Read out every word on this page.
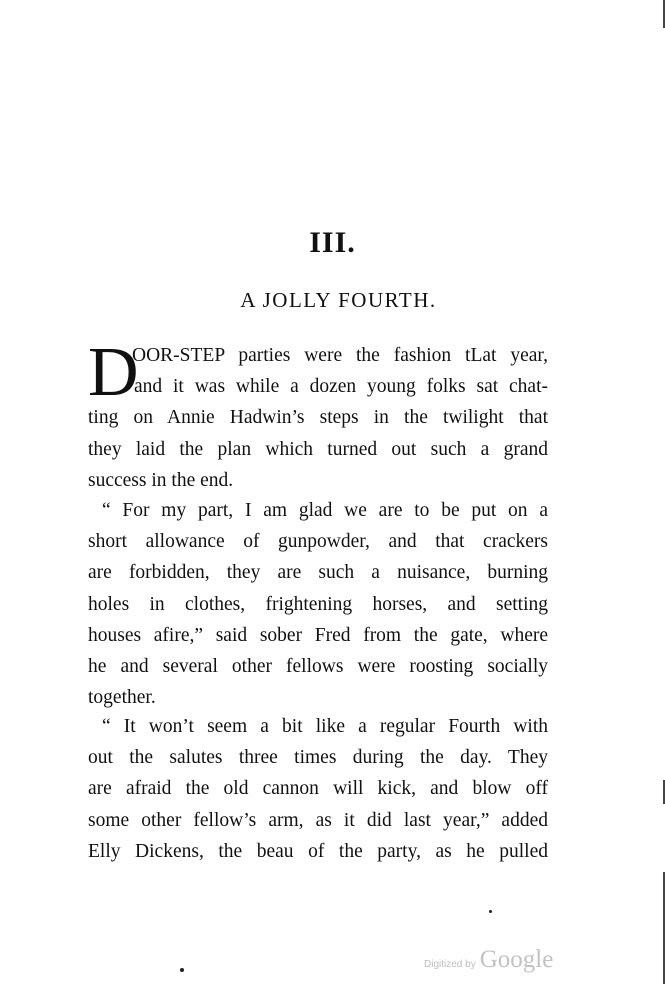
III.
A JOLLY FOURTH.
D
OOR-STEP parties were the fashion tLat year,
and it was while a dozen young folks sat chat-
ting on Annie Hadwin’s steps in the twilight that
they laid the plan which turned out such a grand
success in the end.
“ For my part, I am glad we are to be put on a
short allowance of gunpowder, and that crackers
are forbidden, they are such a nuisance, burning
holes in clothes, frightening horses, and setting
houses afire,” said sober Fred from the gate, where
he and several other fellows were roosting socially
together.
“ It won’t seem a bit like a regular Fourth with
out the salutes three times during the day. They
are afraid the old cannon will kick, and blow off
some other fellow’s arm, as it did last year,” added
Elly Dickens, the beau of the party, as he pulled
Digitized by Google
